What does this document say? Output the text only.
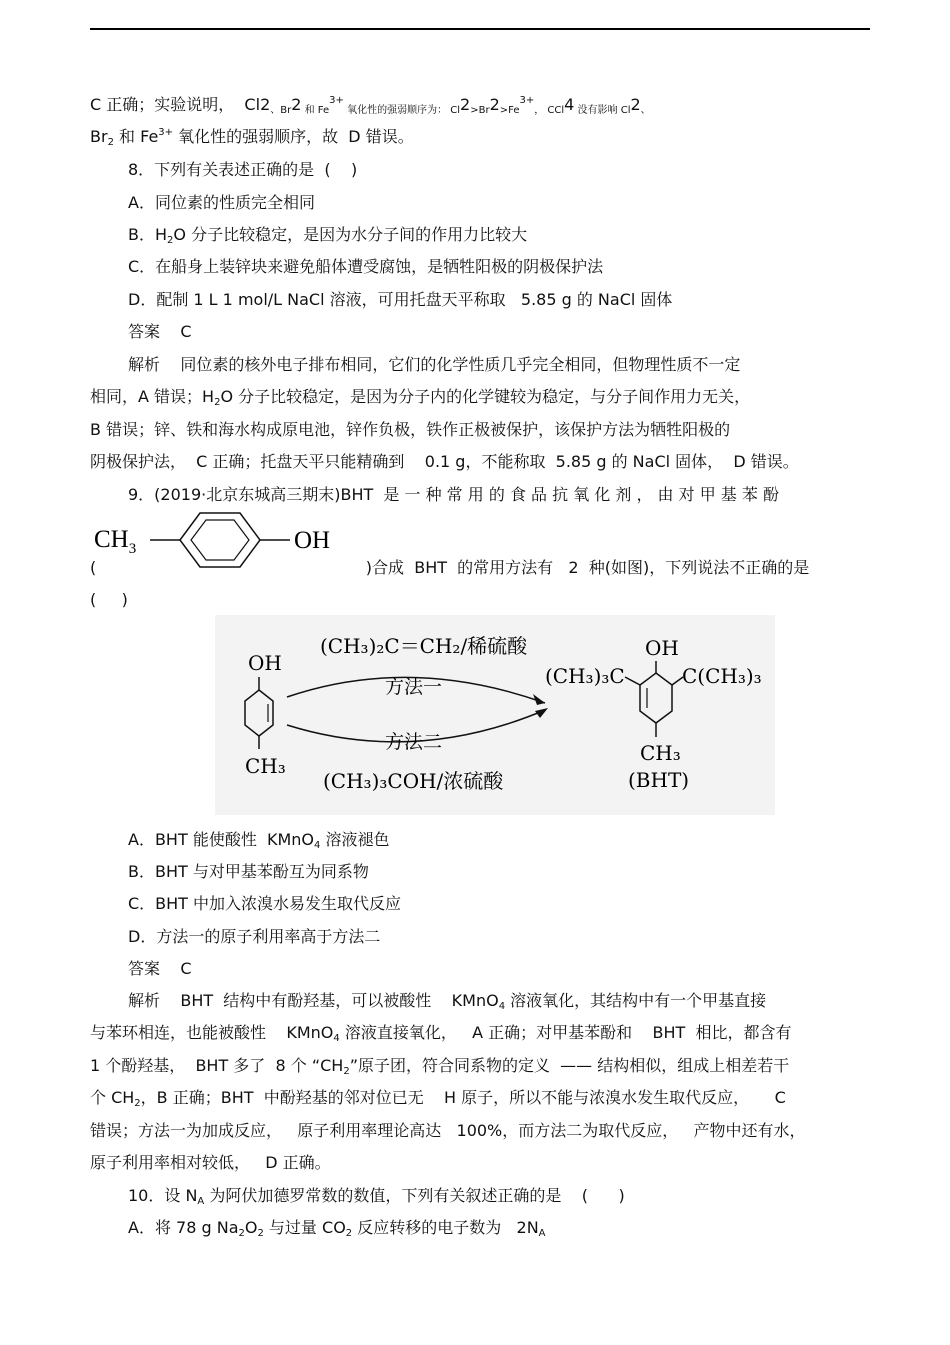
C 正确；实验说明，  $Cl2_{、Br}2$ $_{和 Fe}^{3+}$ $_{氧化性的强弱顺序为: Cl}2_{>Br}2_{>Fe}^{3+}_{, CCl}4$ $_{没有影响 Cl}2_、$
$Br_2$ 和 $Fe^{3+}$ 氧化性的强弱顺序，故  D 错误。
8．下列有关表述正确的是  (    )
A．同位素的性质完全相同
B．$H_2O$ 分子比较稳定，是因为水分子间的作用力比较大
C．在船身上装锌块来避免船体遭受腐蚀，是牺牲阳极的阴极保护法
D．配制 1 L 1 mol/L NaCl 溶液，可用托盘天平称取   5.85 g 的 NaCl 固体
答案    C
解析    同位素的核外电子排布相同，它们的化学性质几乎完全相同，但物理性质不一定
相同，A 错误；$H_2O$ 分子比较稳定，是因为分子内的化学键较为稳定，与分子间作用力无关，
B 错误；锌、铁和海水构成原电池，锌作负极，铁作正极被保护，该保护方法为牺牲阳极的
阴极保护法，  C 正确；托盘天平只能精确到    0.1 g，不能称取  5.85 g 的 NaCl 固体，  D 错误。
9．(2019·北京东城高三期末)BHT  是 一 种 常 用 的 食 品 抗 氧 化 剂 ， 由 对 甲 基 苯 酚
$CH_3$	OH
(                                                     )合成  BHT  的常用方法有   2  种(如图)，下列说法不正确的是
(     )
OH
CH₃
(CH₃)₂C＝CH₂/稀硫酸
方法一
方法二
(CH₃)₃COH/浓硫酸
OH
(CH₃)₃C	C(CH₃)₃
CH₃
(BHT)
A．BHT 能使酸性  KMnO$_4$ 溶液褪色
B．BHT 与对甲基苯酚互为同系物
C．BHT 中加入浓溴水易发生取代反应
D．方法一的原子利用率高于方法二
答案    C
解析    BHT  结构中有酚羟基，可以被酸性    KMnO$_4$ 溶液氧化，其结构中有一个甲基直接
与苯环相连，也能被酸性    KMnO$_4$ 溶液直接氧化，   A 正确；对甲基苯酚和    BHT  相比，都含有
1 个酚羟基，  BHT 多了  8 个 “$CH_2$”原子团，符合同系物的定义  —— 结构相似，组成上相差若干
个 $CH_2$，B 正确；BHT  中酚羟基的邻对位已无    H 原子，所以不能与浓溴水发生取代反应，     C
错误；方法一为加成反应，   原子利用率理论高达   100%，而方法二为取代反应，   产物中还有水，
原子利用率相对较低，   D 正确。
10．设 $N_A$ 为阿伏加德罗常数的数值，下列有关叙述正确的是    (      )
A．将 78 g $Na_2O_2$ 与过量 $CO_2$ 反应转移的电子数为   $2N_A$
